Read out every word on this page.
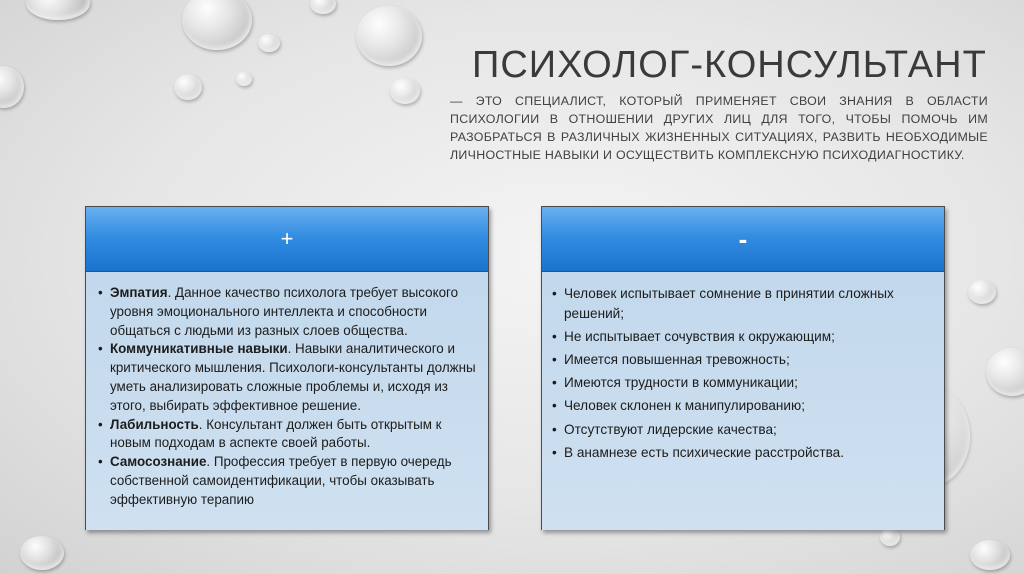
ПСИХОЛОГ-КОНСУЛЬТАНТ
— ЭТО СПЕЦИАЛИСТ, КОТОРЫЙ ПРИМЕНЯЕТ СВОИ ЗНАНИЯ В ОБЛАСТИ ПСИХОЛОГИИ В ОТНОШЕНИИ ДРУГИХ ЛИЦ ДЛЯ ТОГО, ЧТОБЫ ПОМОЧЬ ИМ РАЗОБРАТЬСЯ В РАЗЛИЧНЫХ ЖИЗНЕННЫХ СИТУАЦИЯХ, РАЗВИТЬ НЕОБХОДИМЫЕ ЛИЧНОСТНЫЕ НАВЫКИ И ОСУЩЕСТВИТЬ КОМПЛЕКСНУЮ ПСИХОДИАГНОСТИКУ.
+
• Эмпатия. Данное качество психолога требует высокого уровня эмоционального интеллекта и способности общаться с людьми из разных слоев общества.
• Коммуникативные навыки. Навыки аналитического и критического мышления. Психологи-консультанты должны уметь анализировать сложные проблемы и, исходя из этого, выбирать эффективное решение.
• Лабильность. Консультант должен быть открытым к новым подходам в аспекте своей работы.
• Самосознание. Профессия требует в первую очередь собственной самоидентификации, чтобы оказывать эффективную терапию
-
• Человек испытывает сомнение в принятии сложных решений;
• Не испытывает сочувствия к окружающим;
• Имеется повышенная тревожность;
• Имеются трудности в коммуникации;
• Человек склонен к манипулированию;
• Отсутствуют лидерские качества;
• В анамнезе есть психические расстройства.
